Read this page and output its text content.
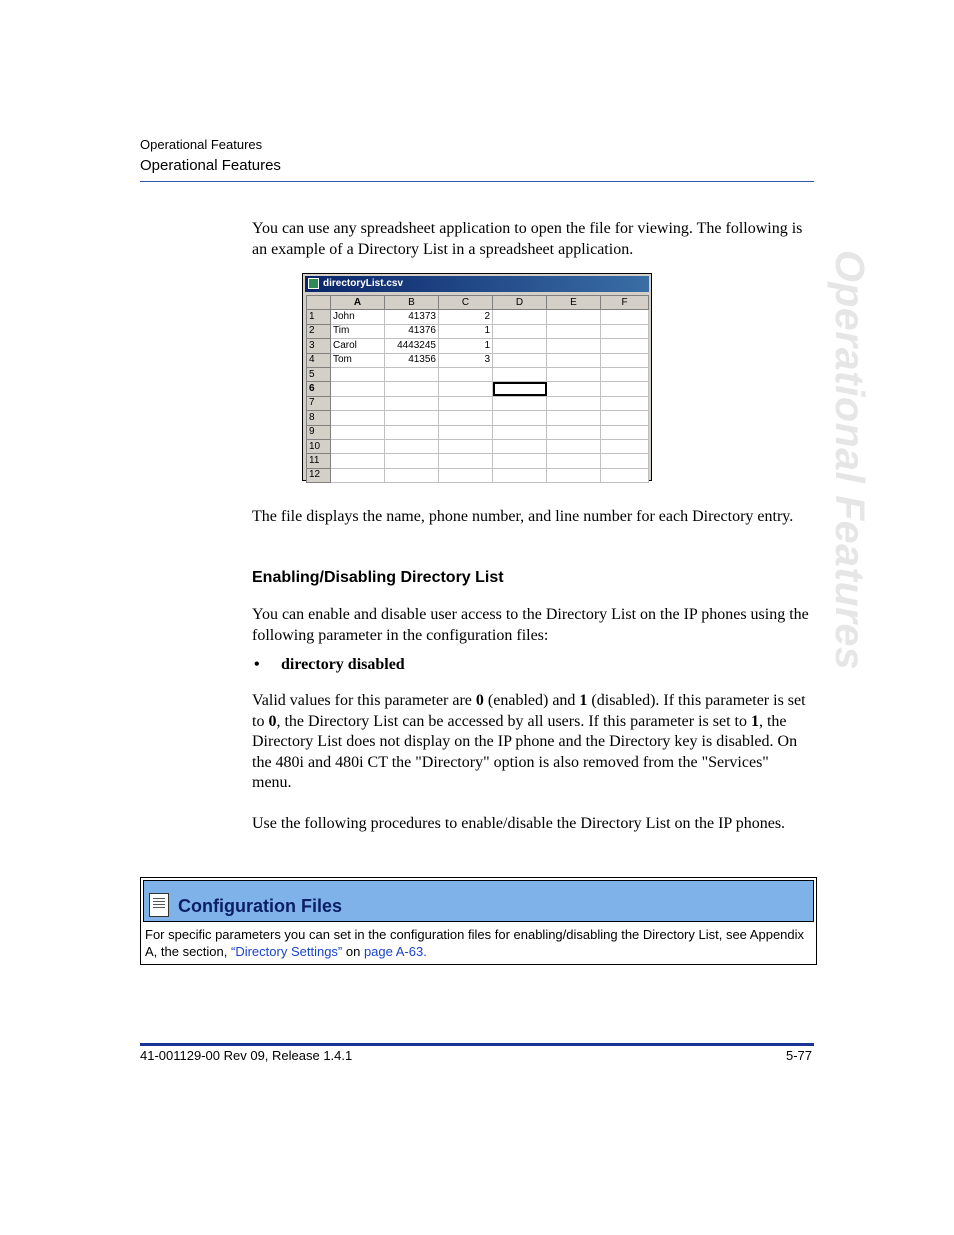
Operational Features
Operational Features
Operational Features

You can use any spreadsheet application to open the file for viewing. The following is an example of a Directory List in a spreadsheet application.

directoryList.csv
	A	B	C	D	E	F
1	John	41373	2			
2	Tim	41376	1			
3	Carol	4443245	1			
4	Tom	41356	3			
5						
6						
7						
8						
9						
10						
11						
12						

The file displays the name, phone number, and line number for each Directory entry.

Enabling/Disabling Directory List

You can enable and disable user access to the Directory List on the IP phones using the following parameter in the configuration files:

• directory disabled

Valid values for this parameter are 0 (enabled) and 1 (disabled). If this parameter is set to 0, the Directory List can be accessed by all users. If this parameter is set to 1, the Directory List does not display on the IP phone and the Directory key is disabled. On the 480i and 480i CT the "Directory" option is also removed from the "Services" menu.

Use the following procedures to enable/disable the Directory List on the IP phones.

Configuration Files

For specific parameters you can set in the configuration files for enabling/disabling the Directory List, see Appendix A, the section, “Directory Settings” on page A-63.

41-001129-00 Rev 09, Release 1.4.1	5-77
